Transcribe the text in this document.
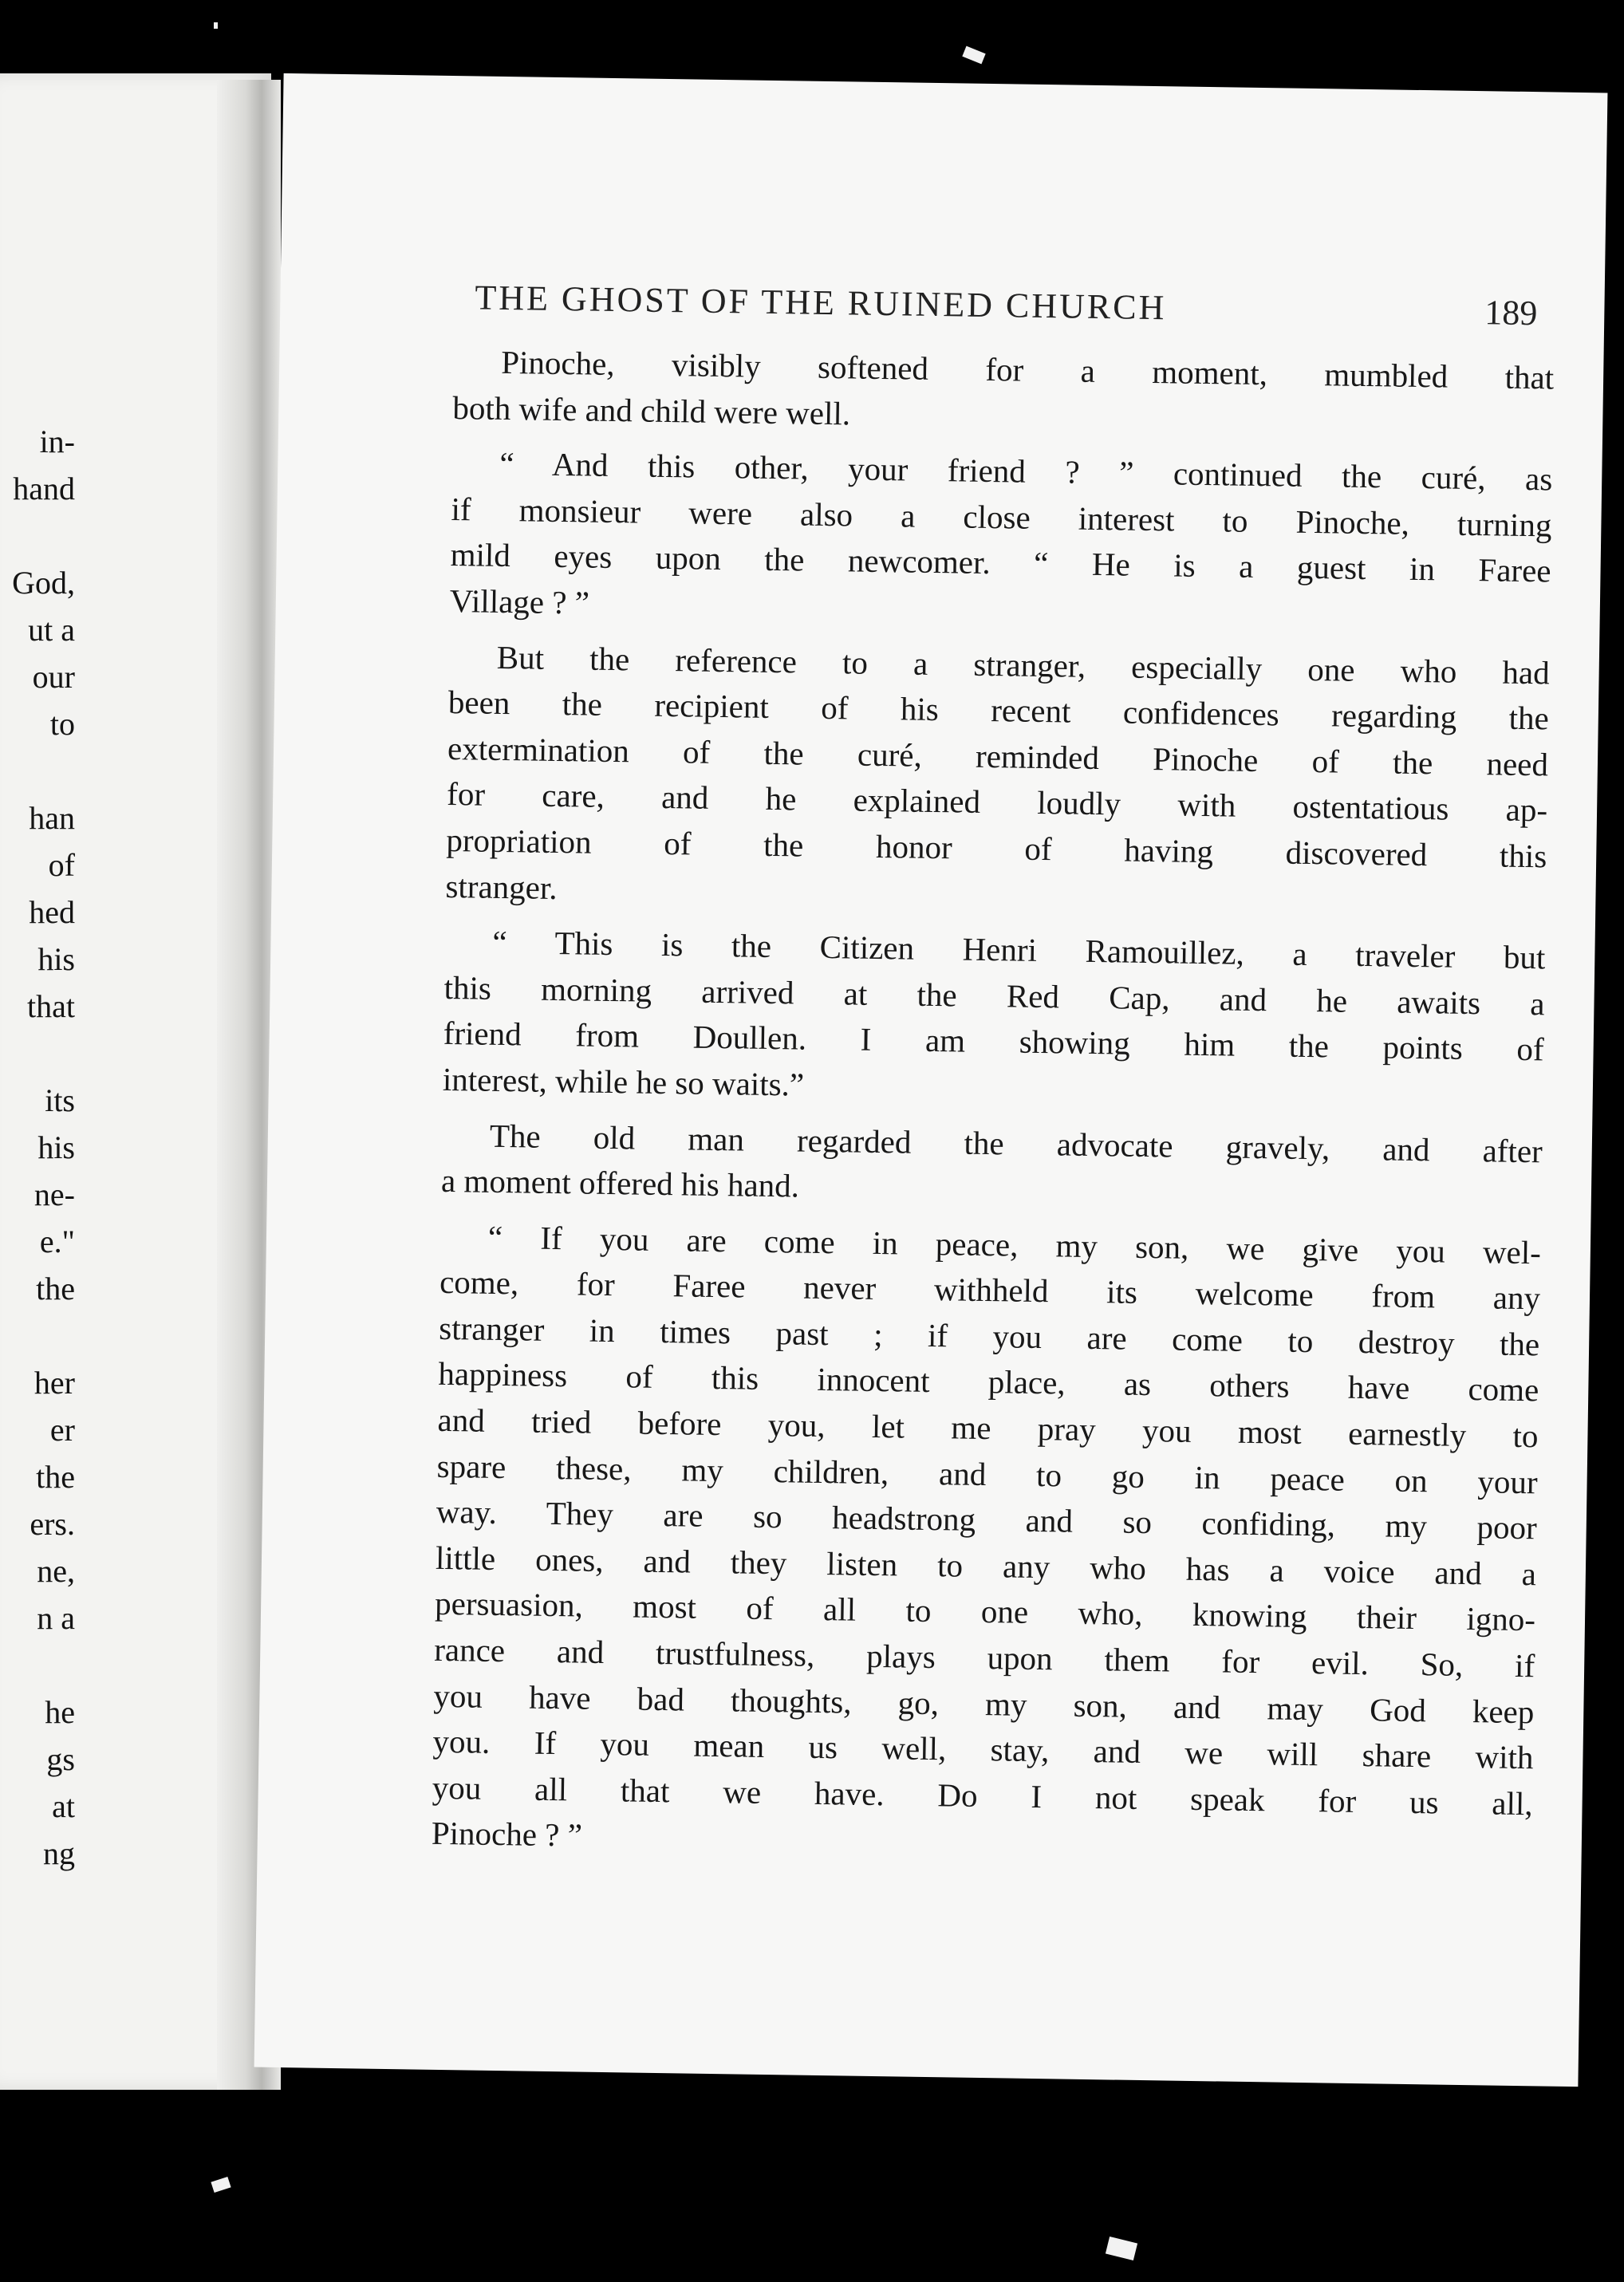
in-
hand
God,
ut a
our
to
han
of
hed
his
that
its
his
ne-
e."
the
her
er
the
ers.
ne,
n a
he
gs
at
ng
THE GHOST OF THE RUINED CHURCH	189
Pinoche, visibly softened for a moment, mumbled that
both wife and child were well.
“ And this other, your friend ? ” continued the curé, as
if monsieur were also a close interest to Pinoche, turning
mild eyes upon the newcomer. “ He is a guest in Faree
Village ? ”
But the reference to a stranger, especially one who had
been the recipient of his recent confidences regarding the
extermination of the curé, reminded Pinoche of the need
for care, and he explained loudly with ostentatious ap-
propriation of the honor of having discovered this
stranger.
“ This is the Citizen Henri Ramouillez, a traveler but
this morning arrived at the Red Cap, and he awaits a
friend from Doullen. I am showing him the points of
interest, while he so waits.”
The old man regarded the advocate gravely, and after
a moment offered his hand.
“ If you are come in peace, my son, we give you wel-
come, for Faree never withheld its welcome from any
stranger in times past ; if you are come to destroy the
happiness of this innocent place, as others have come
and tried before you, let me pray you most earnestly to
spare these, my children, and to go in peace on your
way. They are so headstrong and so confiding, my poor
little ones, and they listen to any who has a voice and a
persuasion, most of all to one who, knowing their igno-
rance and trustfulness, plays upon them for evil. So, if
you have bad thoughts, go, my son, and may God keep
you. If you mean us well, stay, and we will share with
you all that we have. Do I not speak for us all,
Pinoche ? ”
